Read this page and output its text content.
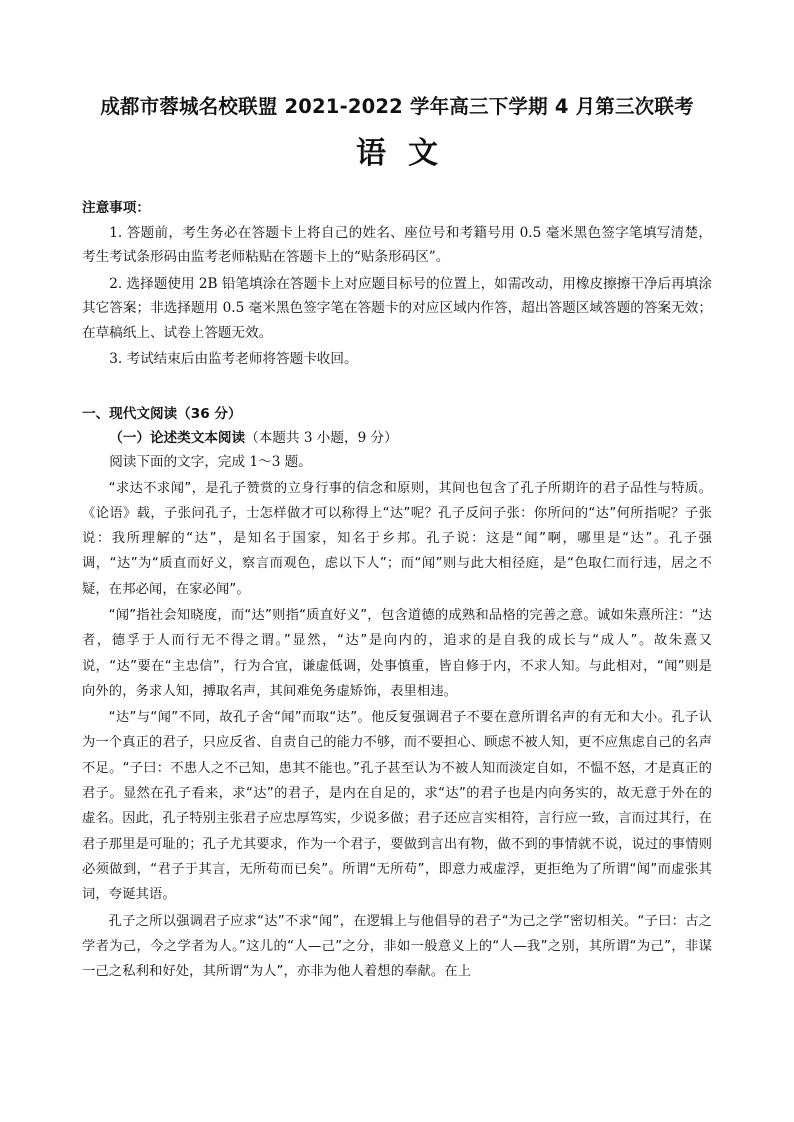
成都市蓉城名校联盟 2021-2022 学年高三下学期 4 月第三次联考
语文
注意事项：

1. 答题前，考生务必在答题卡上将自己的姓名、座位号和考籍号用 0.5 毫米黑色签字笔填写清楚，考生考试条形码由监考老师粘贴在答题卡上的“贴条形码区”。

2. 选择题使用 2B 铅笔填涂在答题卡上对应题目标号的位置上，如需改动，用橡皮擦擦干净后再填涂其它答案；非选择题用 0.5 毫米黑色签字笔在答题卡的对应区域内作答，超出答题区域答题的答案无效；在草稿纸上、试卷上答题无效。

3. 考试结束后由监考老师将答题卡收回。

一、现代文阅读（36 分）
（一）论述类文本阅读（本题共 3 小题，9 分）

阅读下面的文字，完成 1～3 题。

“求达不求闻”，是孔子赞赏的立身行事的信念和原则，其间也包含了孔子所期许的君子品性与特质。《论语》载，子张问孔子，士怎样做才可以称得上“达”呢？孔子反问子张：你所问的“达”何所指呢？子张说：我所理解的“达”，是知名于国家，知名于乡邦。孔子说：这是“闻”啊，哪里是“达”。孔子强调，“达”为“质直而好义，察言而观色，虑以下人”；而“闻”则与此大相径庭，是“色取仁而行违，居之不疑，在邦必闻，在家必闻”。

“闻”指社会知晓度，而“达”则指“质直好义”，包含道德的成熟和品格的完善之意。诚如朱熹所注：“达者，德孚于人而行无不得之谓。”显然，“达”是向内的，追求的是自我的成长与“成人”。故朱熹又说，“达”要在“主忠信”，行为合宜，谦虚低调，处事慎重，皆自修于内，不求人知。与此相对，“闻”则是向外的，务求人知，搏取名声，其间难免务虚矫饰，表里相违。

“达”与“闻”不同，故孔子舍“闻”而取“达”。他反复强调君子不要在意所谓名声的有无和大小。孔子认为一个真正的君子，只应反省、自责自己的能力不够，而不要担心、顾虑不被人知，更不应焦虑自己的名声不足。“子曰：不患人之不己知，患其不能也。”孔子甚至认为不被人知而淡定自如，不愠不怒，才是真正的君子。显然在孔子看来，求“达”的君子，是内在自足的，求“达”的君子也是内向务实的，故无意于外在的虚名。因此，孔子特别主张君子应忠厚笃实，少说多做；君子还应言实相符，言行应一致，言而过其行，在君子那里是可耻的；孔子尤其要求，作为一个君子，要做到言出有物，做不到的事情就不说，说过的事情则必须做到，“君子于其言，无所苟而已矣”。所谓“无所苟”，即意力戒虚浮，更拒绝为了所谓“闻”而虚张其词，夸诞其语。

孔子之所以强调君子应求“达”不求“闻”，在逻辑上与他倡导的君子“为己之学”密切相关。“子曰：古之学者为己，今之学者为人。”这儿的“人—己”之分，非如一般意义上的“人—我”之别，其所谓“为己”，非谋一己之私利和好处，其所谓“为人”，亦非为他人着想的奉献。在上
